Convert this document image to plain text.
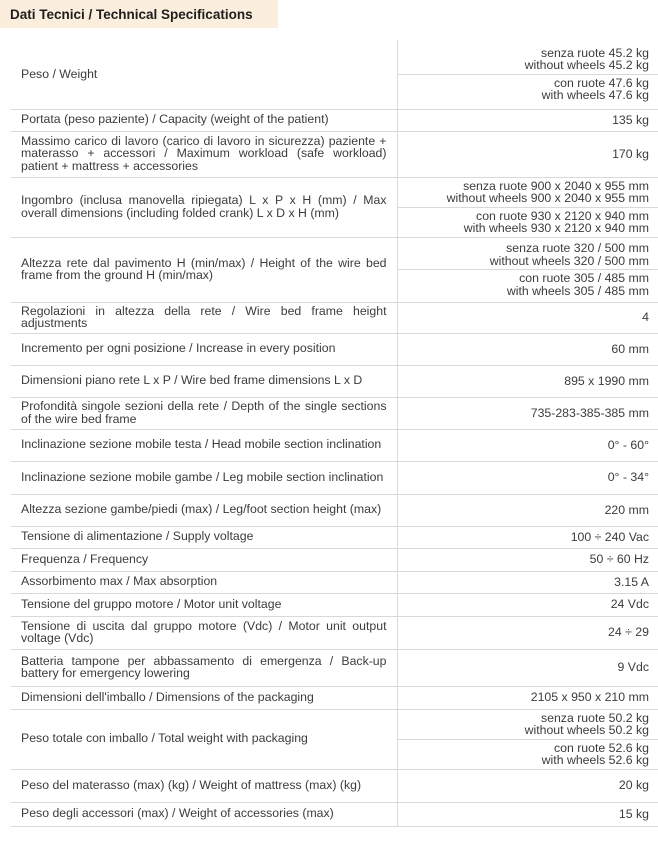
Dati Tecnici / Technical Specifications
Peso / Weight	senza ruote 45.2 kg
without wheels 45.2 kg
con ruote 47.6 kg
with wheels 47.6 kg

Portata (peso paziente) / Capacity (weight of the patient)	135 kg
Massimo carico di lavoro (carico di lavoro in sicurezza) paziente + materasso + accessori / Maximum workload (safe workload) patient + mattress + accessories	170 kg
Ingombro (inclusa manovella ripiegata) L x P x H (mm) / Max overall dimensions (including folded crank) L x D x H (mm)	senza ruote 900 x 2040 x 955 mm
without wheels 900 x 2040 x 955 mm
con ruote 930 x 2120 x 940 mm
with wheels 930 x 2120 x 940 mm

Altezza rete dal pavimento H (min/max) / Height of the wire bed frame from the ground H (min/max)	senza ruote 320 / 500 mm
without wheels 320 / 500 mm
con ruote 305 / 485 mm
with wheels 305 / 485 mm

Regolazioni in altezza della rete / Wire bed frame height adjustments	4
Incremento per ogni posizione / Increase in every position	60 mm
Dimensioni piano rete L x P / Wire bed frame dimensions L x D	895 x 1990 mm
Profondità singole sezioni della rete / Depth of the single sections of the wire bed frame	735-283-385-385 mm
Inclinazione sezione mobile testa / Head mobile section inclination	0° - 60°
Inclinazione sezione mobile gambe / Leg mobile section inclination	0° - 34°
Altezza sezione gambe/piedi (max) / Leg/foot section height (max)	220 mm
Tensione di alimentazione / Supply voltage	100 ÷ 240 Vac
Frequenza / Frequency	50 ÷ 60 Hz
Assorbimento max / Max absorption	3.15 A
Tensione del gruppo motore / Motor unit voltage	24 Vdc
Tensione di uscita dal gruppo motore (Vdc) / Motor unit output voltage (Vdc)	24 ÷ 29
Batteria tampone per abbassamento di emergenza / Back-up battery for emergency lowering	9 Vdc
Dimensioni dell'imballo / Dimensions of the packaging	2105 x 950 x 210 mm
Peso totale con imballo / Total weight with packaging	senza ruote 50.2 kg
without wheels 50.2 kg
con ruote 52.6 kg
with wheels 52.6 kg

Peso del materasso (max) (kg) / Weight of mattress (max) (kg)	20 kg
Peso degli accessori (max) / Weight of accessories (max)	15 kg
